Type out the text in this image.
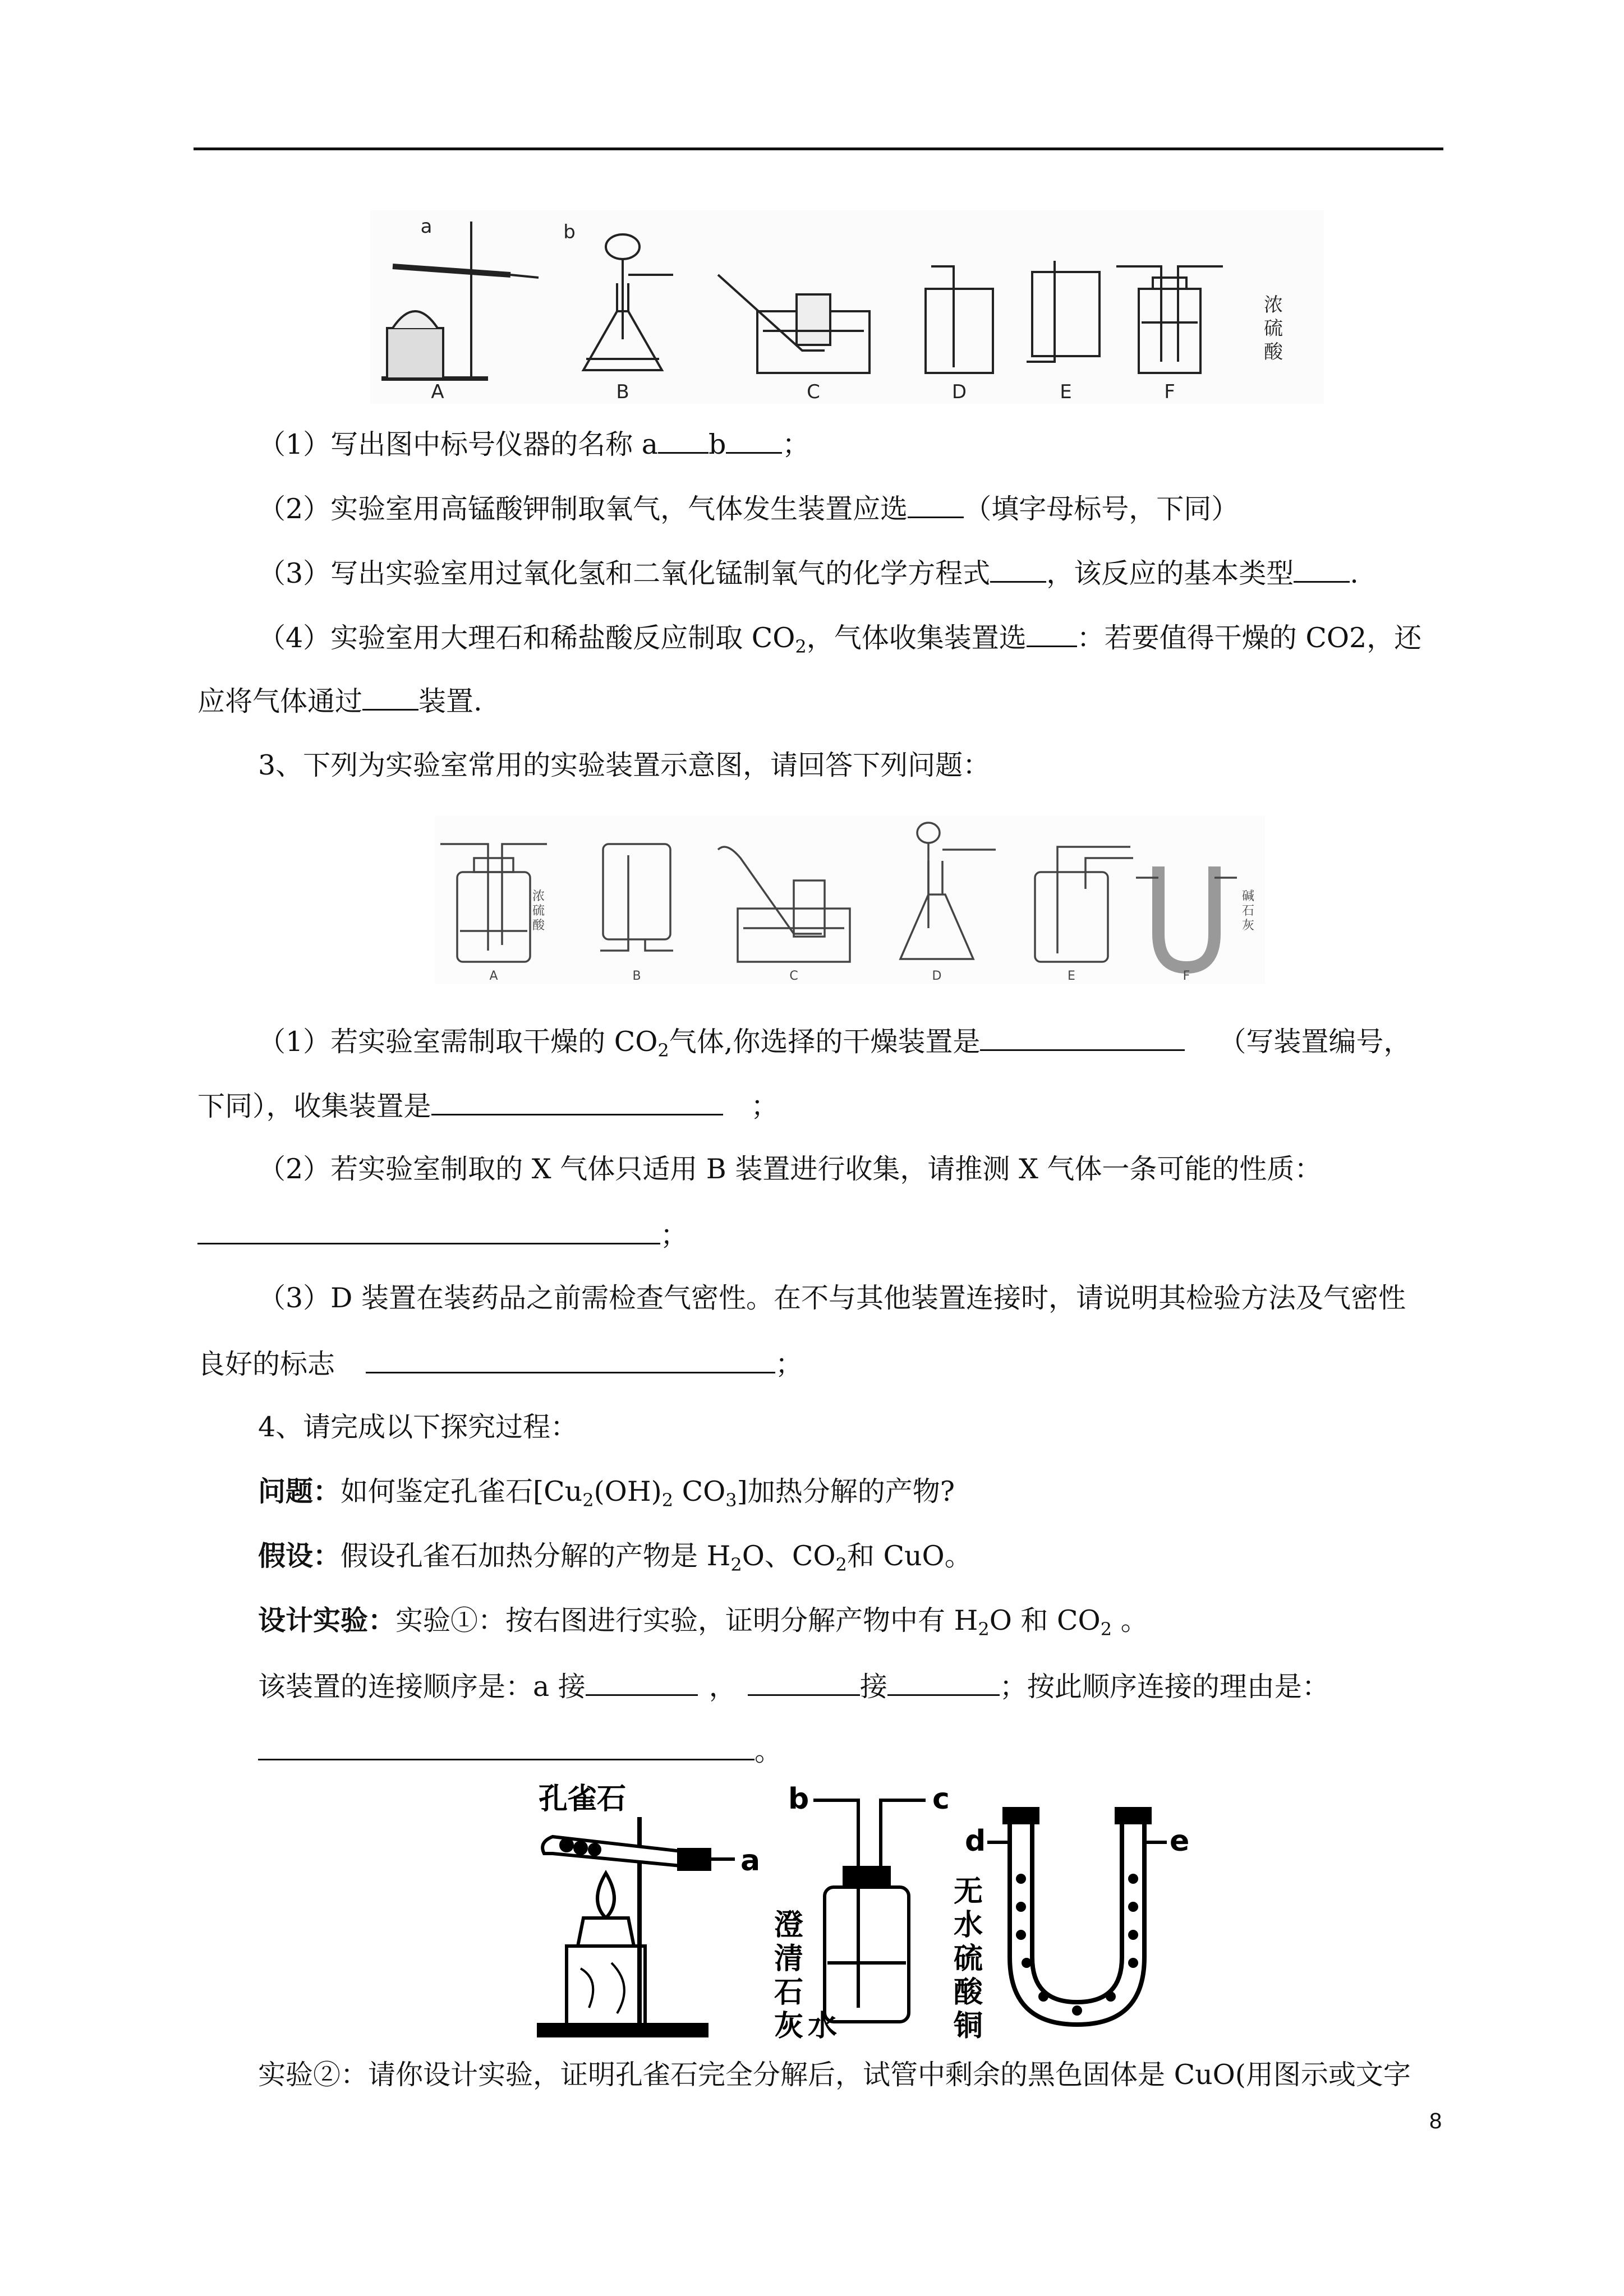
A	B	C	D	E	F
a	b
浓
硫
酸
（1）写出图中标号仪器的名称 a b ；
（2）实验室用高锰酸钾制取氧气，气体发生装置应选 （填字母标号，下同）
（3）写出实验室用过氧化氢和二氧化锰制氧气的化学方程式 ，该反应的基本类型 .
（4）实验室用大理石和稀盐酸反应制取 $CO_2$，气体收集装置选 ：若要值得干燥的 CO2，还
应将气体通过 装置.
3、下列为实验室常用的实验装置示意图，请回答下列问题：
A	B	C	D	E	F
浓
硫
酸
碱
石
灰
（1）若实验室需制取干燥的 $CO_2$气体,你选择的干燥装置是	（写装置编号，
下同），收集装置是	；
（2）若实验室制取的 X 气体只适用 B 装置进行收集，请推测 X 气体一条可能的性质：
；
（3）D 装置在装药品之前需检查气密性。在不与其他装置连接时，请说明其检验方法及气密性
良好的标志	；
4、请完成以下探究过程：
问题：如何鉴定孔雀石[$Cu_2(OH)_2$ $CO_3$]加热分解的产物?
假设：假设孔雀石加热分解的产物是 $H_2O$、$CO_2$和 CuO。
设计实验：实验①：按右图进行实验，证明分解产物中有 $H_2O$ 和 $CO_2$ 。
该装置的连接顺序是：a 接	，	接	；按此顺序连接的理由是：
。
孔雀石
a
b	c
d	e
澄
清
石
灰 水
无
水
硫
酸
铜
实验②：请你设计实验，证明孔雀石完全分解后，试管中剩余的黑色固体是 CuO(用图示或文字
8
